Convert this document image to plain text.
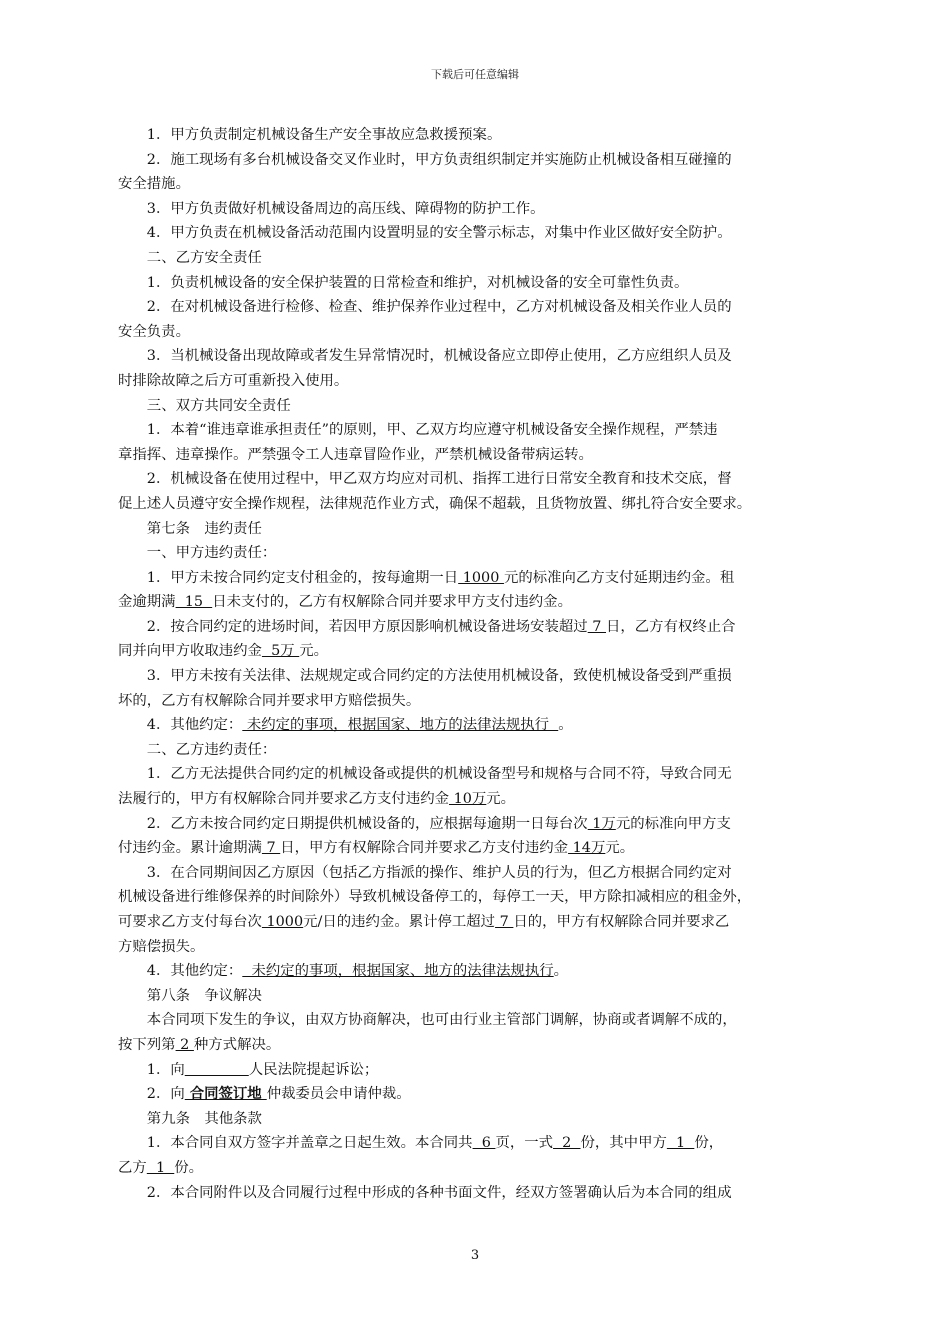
下载后可任意编辑

1．甲方负责制定机械设备生产安全事故应急救援预案。

2．施工现场有多台机械设备交叉作业时，甲方负责组织制定并实施防止机械设备相互碰撞的

安全措施。

3．甲方负责做好机械设备周边的高压线、障碍物的防护工作。

4．甲方负责在机械设备活动范围内设置明显的安全警示标志，对集中作业区做好安全防护。

二、乙方安全责任

1．负责机械设备的安全保护装置的日常检查和维护，对机械设备的安全可靠性负责。

2．在对机械设备进行检修、检查、维护保养作业过程中，乙方对机械设备及相关作业人员的

安全负责。

3．当机械设备出现故障或者发生异常情况时，机械设备应立即停止使用，乙方应组织人员及

时排除故障之后方可重新投入使用。

三、双方共同安全责任

1．本着“谁违章谁承担责任”的原则，甲、乙双方均应遵守机械设备安全操作规程，严禁违

章指挥、违章操作。严禁强令工人违章冒险作业，严禁机械设备带病运转。

2．机械设备在使用过程中，甲乙双方均应对司机、指挥工进行日常安全教育和技术交底，督

促上述人员遵守安全操作规程，法律规范作业方式，确保不超载，且货物放置、绑扎符合安全要求。

第七条　违约责任

一、甲方违约责任：

1．甲方未按合同约定支付租金的，按每逾期一日 1000 元的标准向乙方支付延期违约金。租

金逾期满  15  日未支付的，乙方有权解除合同并要求甲方支付违约金。

2．按合同约定的进场时间，若因甲方原因影响机械设备进场安装超过 7 日，乙方有权终止合

同并向甲方收取违约金  5万 元。

3．甲方未按有关法律、法规规定或合同约定的方法使用机械设备，致使机械设备受到严重损

坏的，乙方有权解除合同并要求甲方赔偿损失。

4．其他约定： 未约定的事项，根据国家、地方的法律法规执行  。

二、乙方违约责任：

1．乙方无法提供合同约定的机械设备或提供的机械设备型号和规格与合同不符，导致合同无

法履行的，甲方有权解除合同并要求乙方支付违约金 10万元。

2．乙方未按合同约定日期提供机械设备的，应根据每逾期一日每台次 1万元的标准向甲方支

付违约金。累计逾期满 7 日，甲方有权解除合同并要求乙方支付违约金 14万元。

3．在合同期间因乙方原因（包括乙方指派的操作、维护人员的行为，但乙方根据合同约定对

机械设备进行维修保养的时间除外）导致机械设备停工的，每停工一天，甲方除扣减相应的租金外，

可要求乙方支付每台次 1000元/日的违约金。累计停工超过 7 日的，甲方有权解除合同并要求乙

方赔偿损失。

4．其他约定：  未约定的事项，根据国家、地方的法律法规执行。

第八条　争议解决

本合同项下发生的争议，由双方协商解决，也可由行业主管部门调解，协商或者调解不成的，

按下列第 2 种方式解决。

1．向	人民法院提起诉讼；

2．向 合同签订地 仲裁委员会申请仲裁。

第九条　其他条款

1．本合同自双方签字并盖章之日起生效。本合同共  6 页，一式  2  份，其中甲方  1  份，

乙方  1  份。

2．本合同附件以及合同履行过程中形成的各种书面文件，经双方签署确认后为本合同的组成

3
